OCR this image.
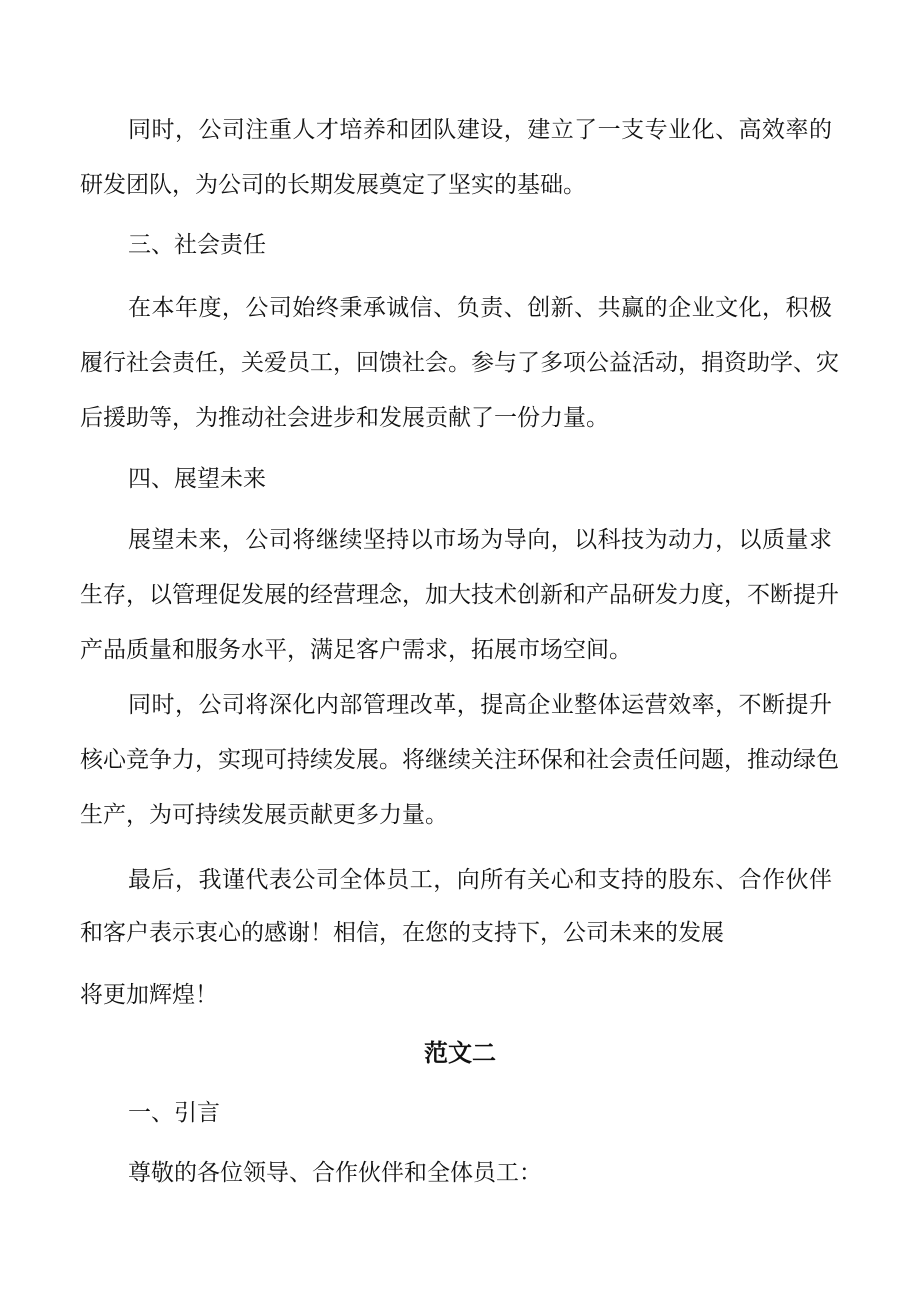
同时，公司注重人才培养和团队建设，建立了一支专业化、高效率的

研发团队，为公司的长期发展奠定了坚实的基础。

三、社会责任

在本年度，公司始终秉承诚信、负责、创新、共赢的企业文化，积极

履行社会责任，关爱员工，回馈社会。参与了多项公益活动，捐资助学、灾

后援助等，为推动社会进步和发展贡献了一份力量。

四、展望未来

展望未来，公司将继续坚持以市场为导向，以科技为动力，以质量求

生存，以管理促发展的经营理念，加大技术创新和产品研发力度，不断提升

产品质量和服务水平，满足客户需求，拓展市场空间。

同时，公司将深化内部管理改革，提高企业整体运营效率，不断提升

核心竞争力，实现可持续发展。将继续关注环保和社会责任问题，推动绿色

生产，为可持续发展贡献更多力量。

最后，我谨代表公司全体员工，向所有关心和支持的股东、合作伙伴

和客户表示衷心的感谢！相信，在您的支持下，公司未来的发展

将更加辉煌！

范文二

一、引言

尊敬的各位领导、合作伙伴和全体员工：
